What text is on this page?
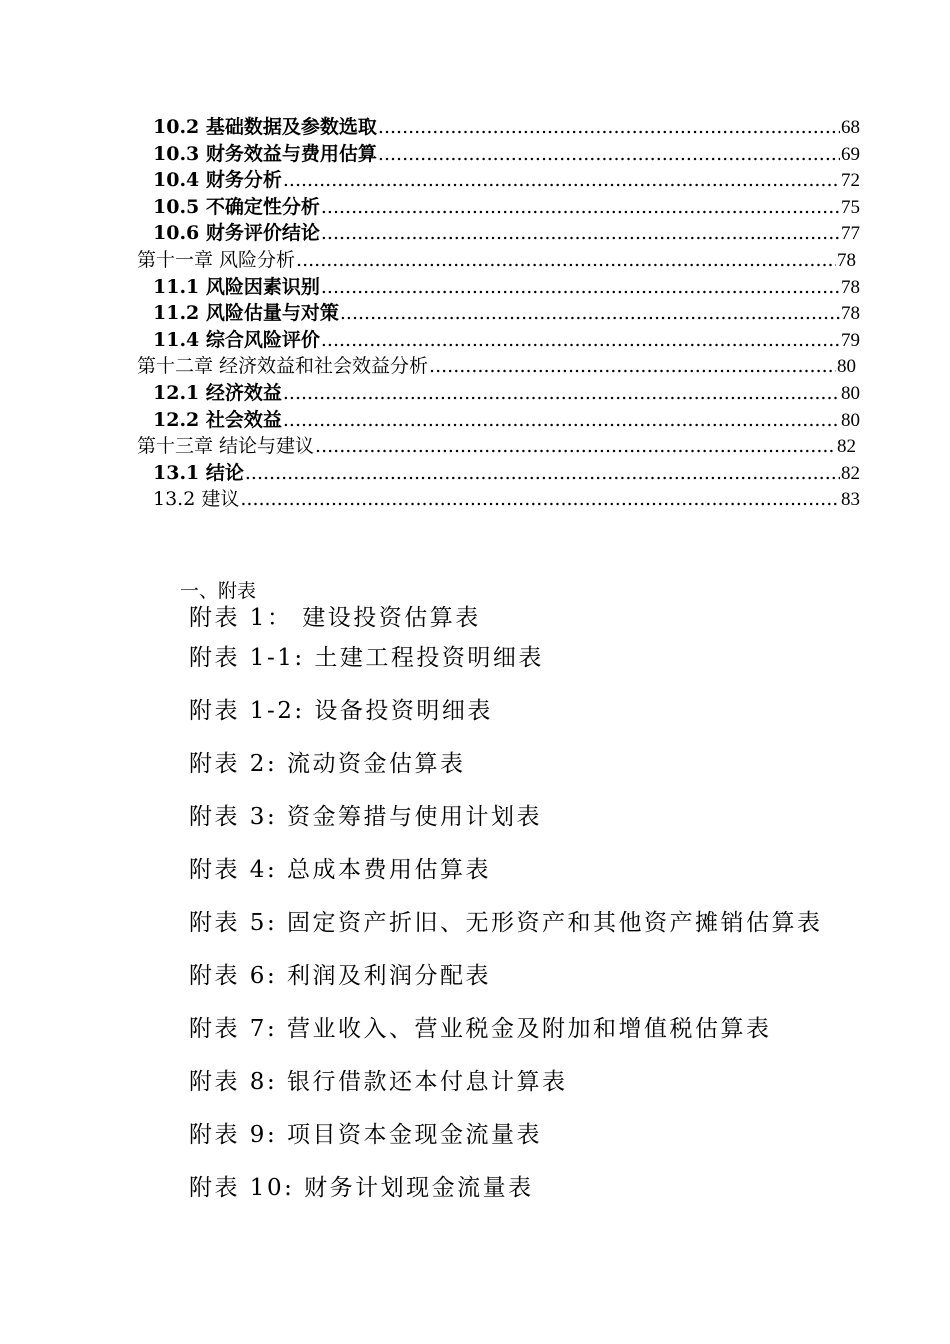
10.2 基础数据及参数选取 .....	68
10.3 财务效益与费用估算 .....	69
10.4 财务分析 .....	72
10.5 不确定性分析 .....	75
10.6 财务评价结论 .....	77
第十一章 风险分析 .....	78
11.1 风险因素识别 .....	78
11.2 风险估量与对策 .....	78
11.4 综合风险评价 .....	79
第十二章 经济效益和社会效益分析 .....	80
12.1 经济效益 .....	80
12.2 社会效益 .....	80
第十三章 结论与建议 .....	82
13.1 结论 .....	82
13.2 建议 .....	83
一、附表
附表 1： 建设投资估算表
附表 1-1: 土建工程投资明细表
附表 1-2: 设备投资明细表
附表 2: 流动资金估算表
附表 3: 资金筹措与使用计划表
附表 4: 总成本费用估算表
附表 5: 固定资产折旧、无形资产和其他资产摊销估算表
附表 6: 利润及利润分配表
附表 7: 营业收入、营业税金及附加和增值税估算表
附表 8: 银行借款还本付息计算表
附表 9: 项目资本金现金流量表
附表 10: 财务计划现金流量表
